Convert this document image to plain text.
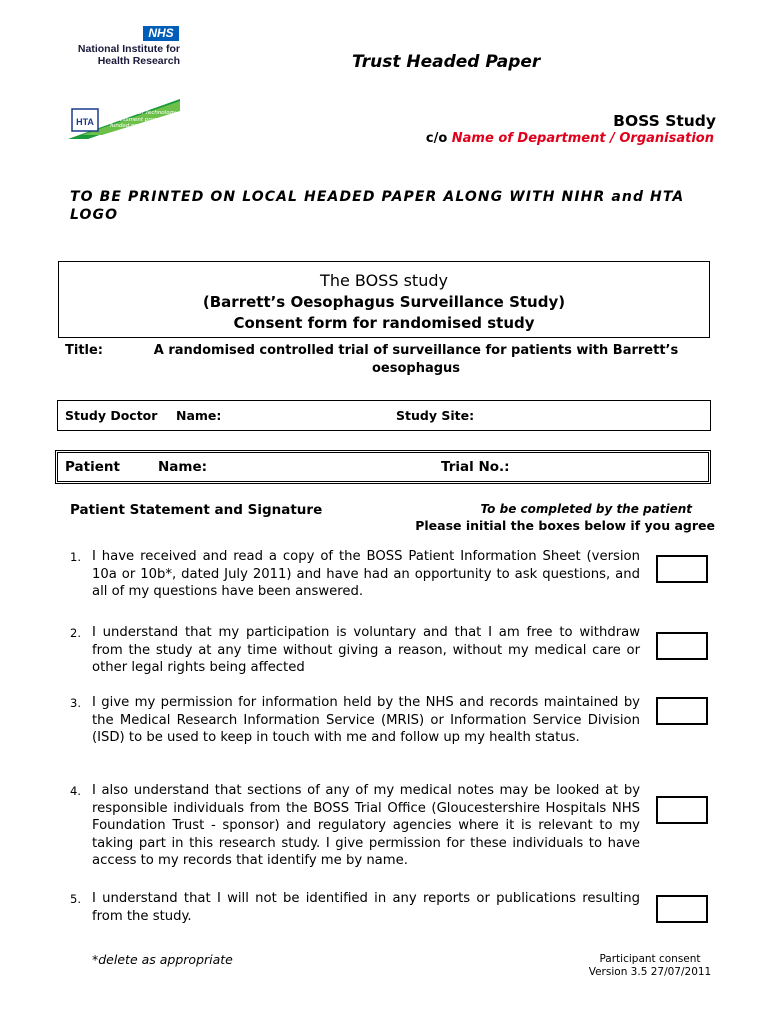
NHS
National Institute for
Health Research
HTA
NIHR Health Technology
Assessment programme
funded projects
Trust Headed Paper
BOSS Study
c/o Name of Department / Organisation
TO BE PRINTED ON LOCAL HEADED PAPER ALONG WITH NIHR and HTA LOGO
The BOSS study
(Barrett’s Oesophagus Surveillance Study)
Consent form for randomised study
Title:	A randomised controlled trial of surveillance for patients with Barrett’s oesophagus
Study Doctor Name:	Study Site:
Patient	Name:	Trial No.:
Patient Statement and Signature	To be completed by the patient
Please initial the boxes below if you agree
1. I have received and read a copy of the BOSS Patient Information Sheet (version 10a or 10b*, dated July 2011) and have had an opportunity to ask questions, and all of my questions have been answered.
2. I understand that my participation is voluntary and that I am free to withdraw from the study at any time without giving a reason, without my medical care or other legal rights being affected
3. I give my permission for information held by the NHS and records maintained by the Medical Research Information Service (MRIS) or Information Service Division (ISD) to be used to keep in touch with me and follow up my health status.
4. I also understand that sections of any of my medical notes may be looked at by responsible individuals from the BOSS Trial Office (Gloucestershire Hospitals NHS Foundation Trust - sponsor) and regulatory agencies where it is relevant to my taking part in this research study. I give permission for these individuals to have access to my records that identify me by name.
5. I understand that I will not be identified in any reports or publications resulting from the study.
*delete as appropriate	Participant consent
Version 3.5 27/07/2011
